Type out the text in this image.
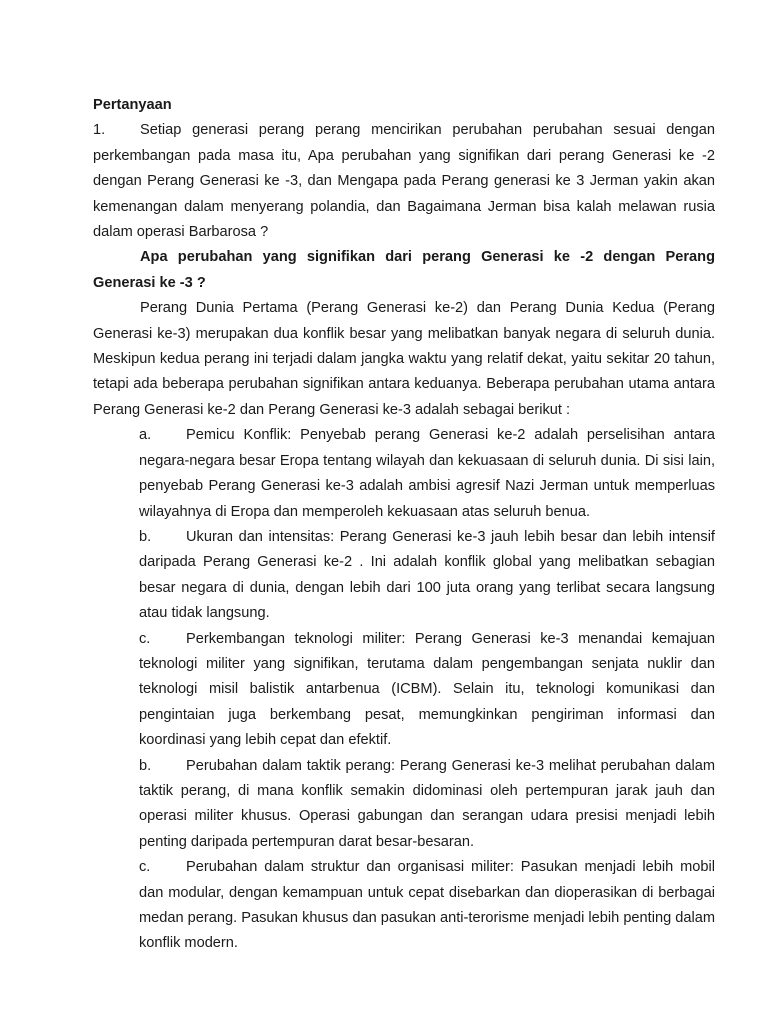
Pertanyaan

1. Setiap generasi perang perang mencirikan perubahan perubahan sesuai dengan perkembangan pada masa itu, Apa perubahan yang signifikan dari perang Generasi ke -2 dengan Perang Generasi ke -3, dan Mengapa pada Perang generasi ke 3 Jerman yakin akan kemenangan dalam menyerang polandia, dan Bagaimana Jerman bisa kalah melawan rusia dalam operasi Barbarosa ?

Apa perubahan yang signifikan dari perang Generasi ke -2 dengan Perang Generasi ke -3 ?

Perang Dunia Pertama (Perang Generasi ke-2) dan Perang Dunia Kedua (Perang Generasi ke-3) merupakan dua konflik besar yang melibatkan banyak negara di seluruh dunia. Meskipun kedua perang ini terjadi dalam jangka waktu yang relatif dekat, yaitu sekitar 20 tahun, tetapi ada beberapa perubahan signifikan antara keduanya. Beberapa perubahan utama antara Perang Generasi ke-2 dan Perang Generasi ke-3 adalah sebagai berikut :

a. Pemicu Konflik: Penyebab perang Generasi ke-2 adalah perselisihan antara negara-negara besar Eropa tentang wilayah dan kekuasaan di seluruh dunia. Di sisi lain, penyebab Perang Generasi ke-3 adalah ambisi agresif Nazi Jerman untuk memperluas wilayahnya di Eropa dan memperoleh kekuasaan atas seluruh benua.
b. Ukuran dan intensitas: Perang Generasi ke-3 jauh lebih besar dan lebih intensif daripada Perang Generasi ke-2 . Ini adalah konflik global yang melibatkan sebagian besar negara di dunia, dengan lebih dari 100 juta orang yang terlibat secara langsung atau tidak langsung.
c. Perkembangan teknologi militer: Perang Generasi ke-3 menandai kemajuan teknologi militer yang signifikan, terutama dalam pengembangan senjata nuklir dan teknologi misil balistik antarbenua (ICBM). Selain itu, teknologi komunikasi dan pengintaian juga berkembang pesat, memungkinkan pengiriman informasi dan koordinasi yang lebih cepat dan efektif.
b. Perubahan dalam taktik perang: Perang Generasi ke-3 melihat perubahan dalam taktik perang, di mana konflik semakin didominasi oleh pertempuran jarak jauh dan operasi militer khusus. Operasi gabungan dan serangan udara presisi menjadi lebih penting daripada pertempuran darat besar-besaran.
c. Perubahan dalam struktur dan organisasi militer: Pasukan menjadi lebih mobil dan modular, dengan kemampuan untuk cepat disebarkan dan dioperasikan di berbagai medan perang. Pasukan khusus dan pasukan anti-terorisme menjadi lebih penting dalam konflik modern.
